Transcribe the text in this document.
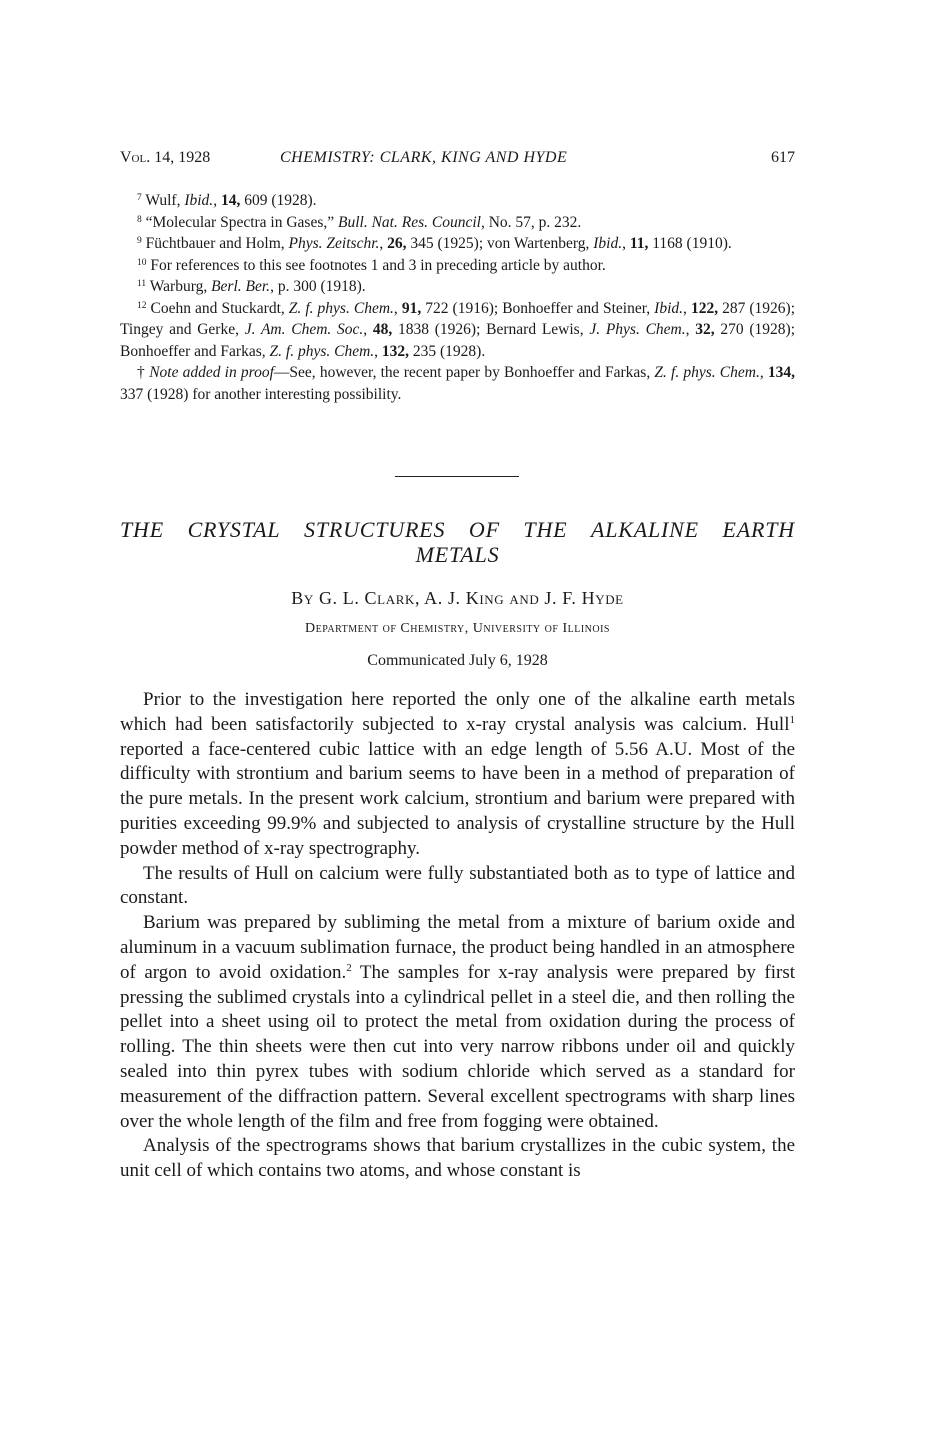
Vol. 14, 1928	CHEMISTRY: CLARK, KING AND HYDE	617

$^7$ Wulf, Ibid., 14, 609 (1928).

$^8$ “Molecular Spectra in Gases,” Bull. Nat. Res. Council, No. 57, p. 232.

$^9$ Füchtbauer and Holm, Phys. Zeitschr., 26, 345 (1925); von Wartenberg, Ibid., 11, 1168 (1910).

$^{10}$ For references to this see footnotes 1 and 3 in preceding article by author.

$^{11}$ Warburg, Berl. Ber., p. 300 (1918).

$^{12}$ Coehn and Stuckardt, Z. f. phys. Chem., 91, 722 (1916); Bonhoeffer and Steiner, Ibid., 122, 287 (1926); Tingey and Gerke, J. Am. Chem. Soc., 48, 1838 (1926); Bernard Lewis, J. Phys. Chem., 32, 270 (1928); Bonhoeffer and Farkas, Z. f. phys. Chem., 132, 235 (1928).

† Note added in proof—See, however, the recent paper by Bonhoeffer and Farkas, Z. f. phys. Chem., 134, 337 (1928) for another interesting possibility.

THE CRYSTAL STRUCTURES OF THE ALKALINE EARTH
METALS
By G. L. Clark, A. J. King and J. F. Hyde
Department of Chemistry, University of Illinois
Communicated July 6, 1928

Prior to the investigation here reported the only one of the alkaline earth metals which had been satisfactorily subjected to x-ray crystal analysis was calcium. Hull$^1$ reported a face-centered cubic lattice with an edge length of 5.56 A.U. Most of the difficulty with strontium and barium seems to have been in a method of preparation of the pure metals. In the present work calcium, strontium and barium were prepared with purities exceeding 99.9% and subjected to analysis of crystalline structure by the Hull powder method of x-ray spectrography.

The results of Hull on calcium were fully substantiated both as to type of lattice and constant.

Barium was prepared by subliming the metal from a mixture of barium oxide and aluminum in a vacuum sublimation furnace, the product being handled in an atmosphere of argon to avoid oxidation.$^2$ The samples for x-ray analysis were prepared by first pressing the sublimed crystals into a cylindrical pellet in a steel die, and then rolling the pellet into a sheet using oil to protect the metal from oxidation during the process of rolling. The thin sheets were then cut into very narrow ribbons under oil and quickly sealed into thin pyrex tubes with sodium chloride which served as a standard for measurement of the diffraction pattern. Several excellent spectrograms with sharp lines over the whole length of the film and free from fogging were obtained.

Analysis of the spectrograms shows that barium crystallizes in the cubic system, the unit cell of which contains two atoms, and whose constant is
